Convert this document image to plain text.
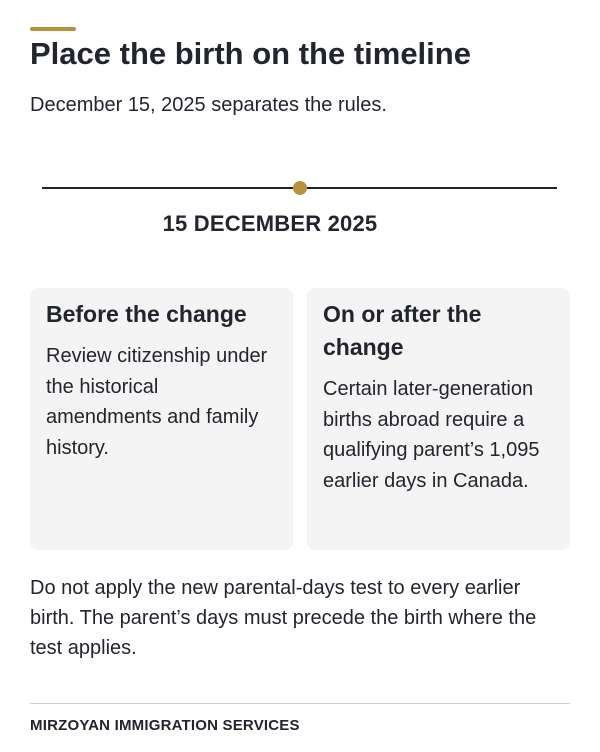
Place the birth on the timeline

December 15, 2025 separates the rules.

15 DECEMBER 2025
Before the change

Review citizenship under the historical amendments and family history.

On or after the change

Certain later-generation births abroad require a qualifying parent’s 1,095 earlier days in Canada.

Do not apply the new parental-days test to every earlier birth. The parent’s days must precede the birth where the test applies.

MIRZOYAN IMMIGRATION SERVICES
